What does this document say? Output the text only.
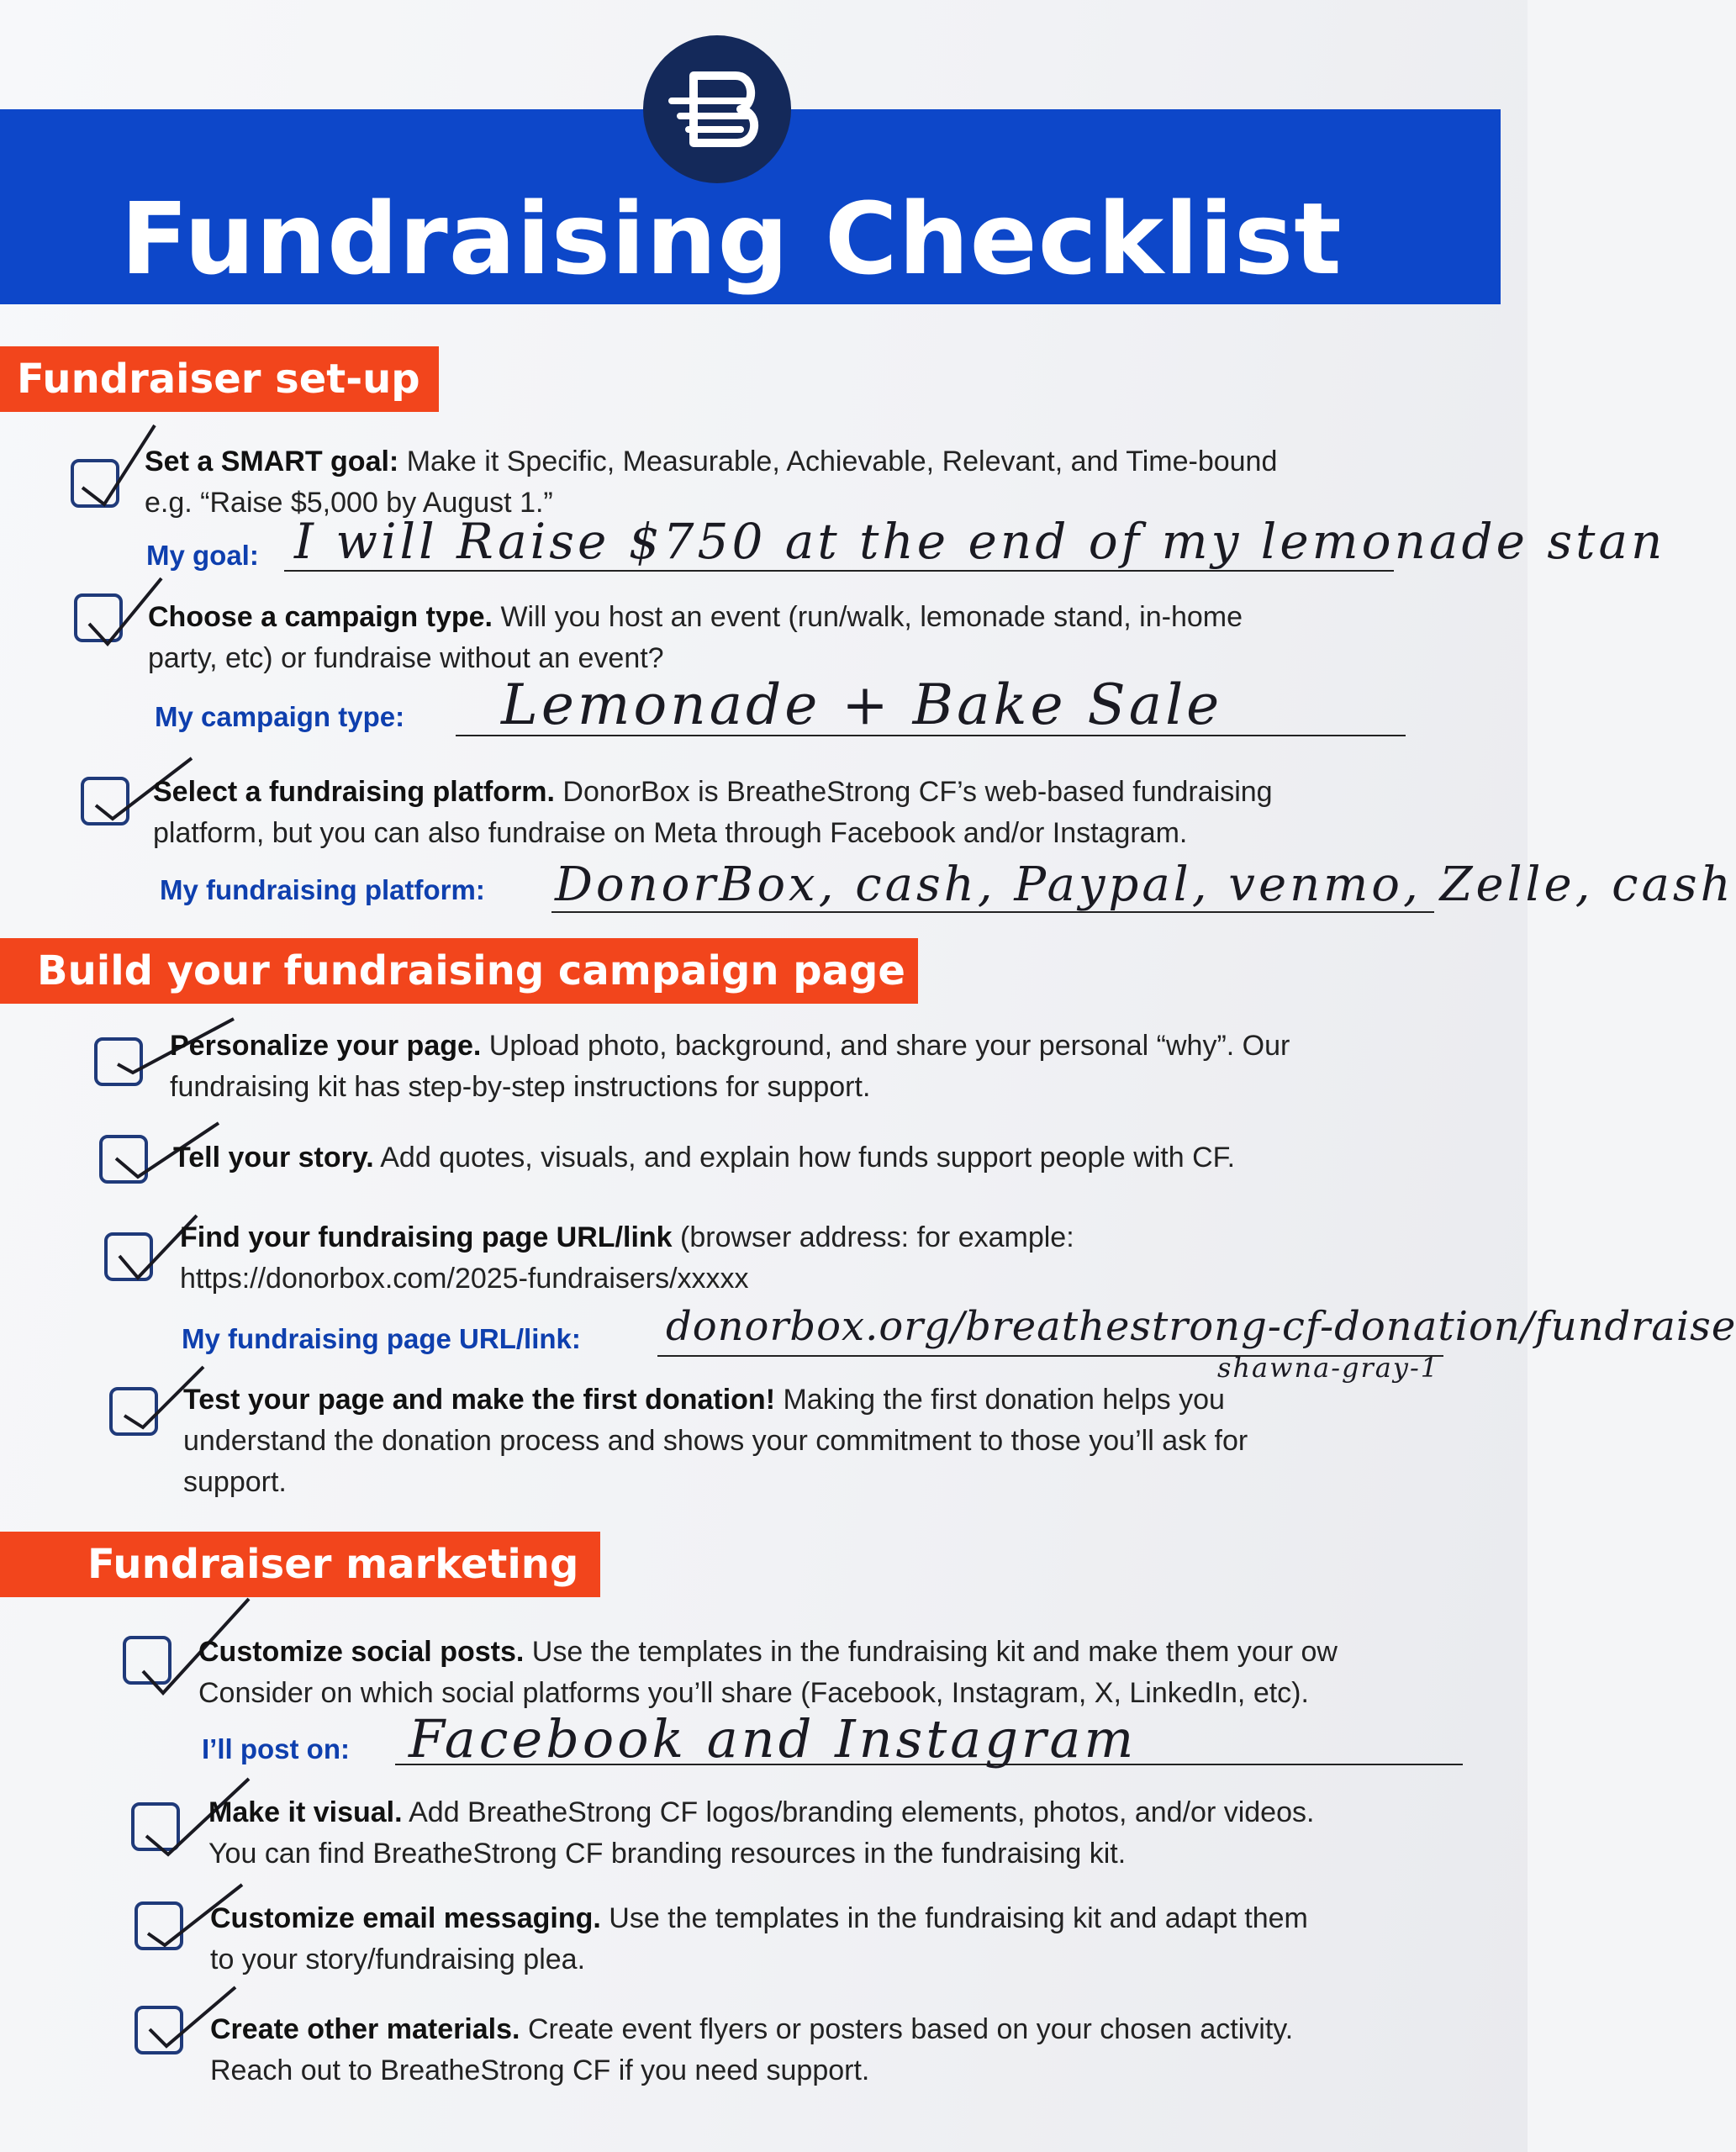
Fundraising Checklist
Fundraiser set-up
Set a SMART goal: Make it Specific, Measurable, Achievable, Relevant, and Time-bound
e.g. “Raise $5,000 by August 1.”
My goal: I will Raise $750 at the end of my lemonade stan
Choose a campaign type. Will you host an event (run/walk, lemonade stand, in-home
party, etc) or fundraise without an event?
My campaign type: Lemonade + Bake Sale
Select a fundraising platform. DonorBox is BreatheStrong CF’s web-based fundraising
platform, but you can also fundraise on Meta through Facebook and/or Instagram.
My fundraising platform: DonorBox, cash, Paypal, venmo, Zelle, cash
Build your fundraising campaign page
Personalize your page. Upload photo, background, and share your personal “why”. Our
fundraising kit has step-by-step instructions for support.
Tell your story. Add quotes, visuals, and explain how funds support people with CF.
Find your fundraising page URL/link (browser address: for example:
https://donorbox.com/2025-fundraisers/xxxxx
My fundraising page URL/link: donorbox.org/breathestrong-cf-donation/fundraise
shawna-gray-1
Test your page and make the first donation! Making the first donation helps you
understand the donation process and shows your commitment to those you’ll ask for
support.
Fundraiser marketing
Customize social posts. Use the templates in the fundraising kit and make them your ow
Consider on which social platforms you’ll share (Facebook, Instagram, X, LinkedIn, etc).
I’ll post on: Facebook and Instagram
Make it visual. Add BreatheStrong CF logos/branding elements, photos, and/or videos.
You can find BreatheStrong CF branding resources in the fundraising kit.
Customize email messaging. Use the templates in the fundraising kit and adapt them
to your story/fundraising plea.
Create other materials. Create event flyers or posters based on your chosen activity.
Reach out to BreatheStrong CF if you need support.
